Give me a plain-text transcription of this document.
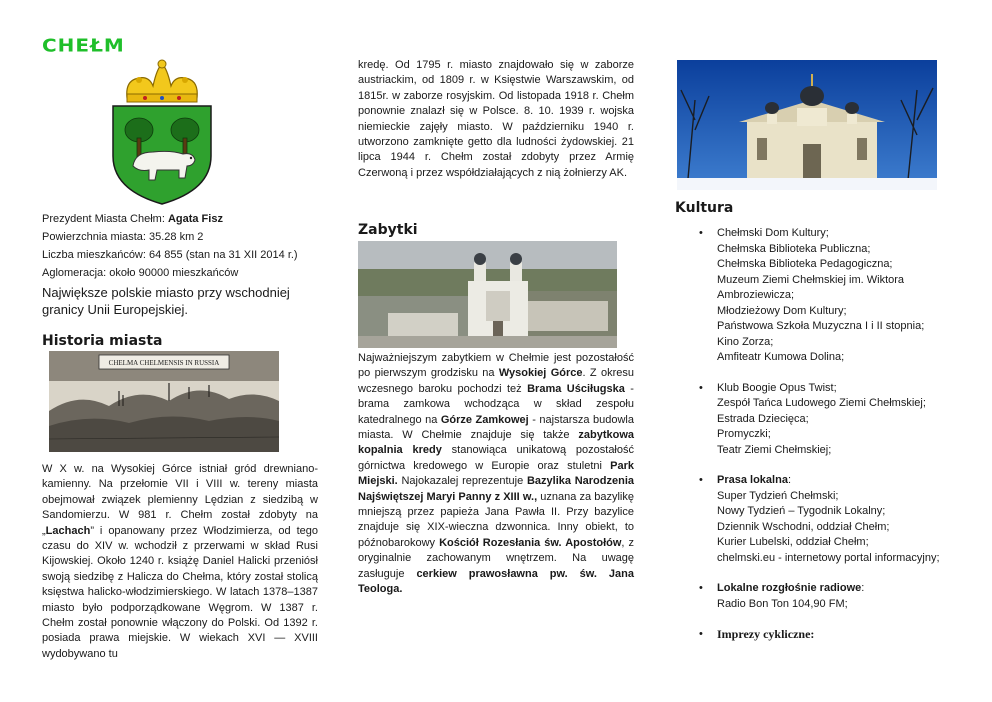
CHEŁM

Prezydent Miasta Chełm: Agata Fisz

Powierzchnia miasta: 35.28 km 2

Liczba mieszkańców: 64 855 (stan na 31 XII 2014 r.)

Aglomeracja: około 90000 mieszkańców

Największe polskie miasto przy wschodniej granicy Unii Europejskiej.

Historia miasta
CHELMA CHELMENSIS IN RUSSIA

W X w. na Wysokiej Górce istniał gród drewniano-kamienny. Na przełomie VII i VIII w. tereny miasta obejmował związek plemienny Lędzian z siedzibą w Sandomierzu. W 981 r. Chełm został zdobyty na „Lachach” i opanowany przez Włodzimierza, od tego czasu do XIV w. wchodził z przerwami w skład Rusi Kijowskiej. Około 1240 r. książę Daniel Halicki przeniósł swoją siedzibę z Halicza do Chełma, który został stolicą księstwa halicko-włodzimierskiego. W latach 1378–1387 miasto było podporządkowane Węgrom. W 1387 r. Chełm został ponownie włączony do Polski. Od 1392 r. posiada prawa miejskie. W wiekach XVI — XVIII wydobywano tu

kredę. Od 1795 r. miasto znajdowało się w zaborze austriackim, od 1809 r. w Księstwie Warszawskim, od 1815r. w zaborze rosyjskim. Od listopada 1918 r. Chełm ponownie znalazł się w Polsce. 8. 10. 1939 r. wojska niemieckie zajęły miasto. W październiku 1940 r. utworzono zamknięte getto dla ludności żydowskiej. 21 lipca 1944 r. Chełm został zdobyty przez Armię Czerwoną i przez współdziałających z nią żołnierzy AK.

Zabytki

Najważniejszym zabytkiem w Chełmie jest pozostałość po pierwszym grodzisku na Wysokiej Górce. Z okresu wczesnego baroku pochodzi też Brama Uściługska - brama zamkowa wchodząca w skład zespołu katedralnego na Górze Zamkowej - najstarsza budowla miasta. W Chełmie znajduje się także zabytkowa kopalnia kredy stanowiąca unikatową pozostałość górnictwa kredowego w Europie oraz stuletni Park Miejski. Najokazalej reprezentuje Bazylika Narodzenia Najświętszej Maryi Panny z XIII w., uznana za bazylikę mniejszą przez papieża Jana Pawła II. Przy bazylice znajduje się XIX-wieczna dzwonnica. Inny obiekt, to późnobarokowy Kościół Rozesłania św. Apostołów, z oryginalnie zachowanym wnętrzem. Na uwagę zasługuje cerkiew prawosławna pw. św. Jana Teologa.

Kultura
• Chełmski Dom Kultury;
Chełmska Biblioteka Publiczna;
Chełmska Biblioteka Pedagogiczna;
Muzeum Ziemi Chełmskiej im. Wiktora Ambroziewicza;
Młodzieżowy Dom Kultury;
Państwowa Szkoła Muzyczna I i II stopnia;
Kino Zorza;
Amfiteatr Kumowa Dolina;
• Klub Boogie Opus Twist;
Zespół Tańca Ludowego Ziemi Chełmskiej;
Estrada Dziecięca;
Promyczki;
Teatr Ziemi Chełmskiej;
• Prasa lokalna:
Super Tydzień Chełmski;
Nowy Tydzień – Tygodnik Lokalny;
Dziennik Wschodni, oddział Chełm;
Kurier Lubelski, oddział Chełm;
chelmski.eu - internetowy portal informacyjny;
• Lokalne rozgłośnie radiowe:
Radio Bon Ton 104,90 FM;
• Imprezy cykliczne:
